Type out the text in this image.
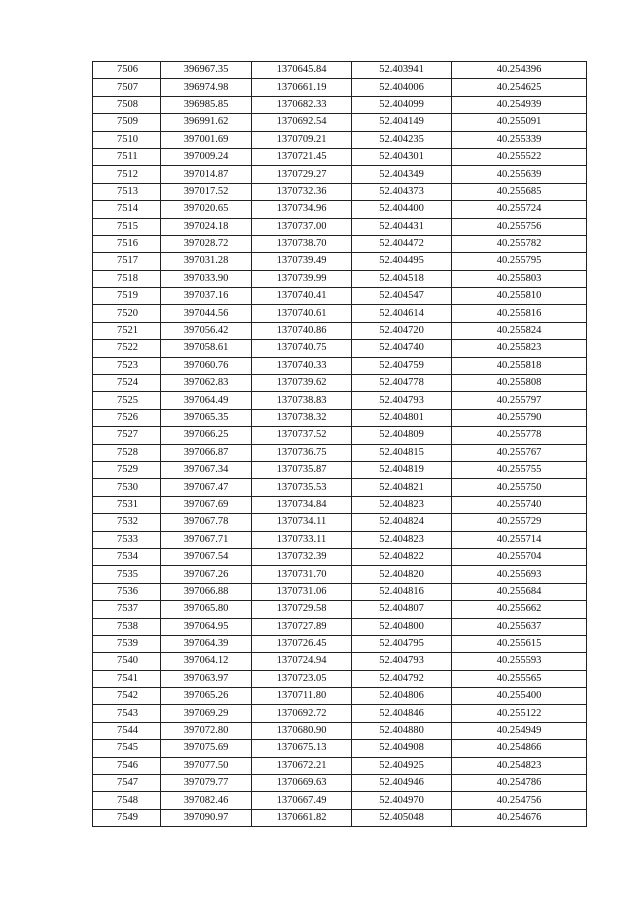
7506	396967.35	1370645.84	52.403941	40.254396
7507	396974.98	1370661.19	52.404006	40.254625
7508	396985.85	1370682.33	52.404099	40.254939
7509	396991.62	1370692.54	52.404149	40.255091
7510	397001.69	1370709.21	52.404235	40.255339
7511	397009.24	1370721.45	52.404301	40.255522
7512	397014.87	1370729.27	52.404349	40.255639
7513	397017.52	1370732.36	52.404373	40.255685
7514	397020.65	1370734.96	52.404400	40.255724
7515	397024.18	1370737.00	52.404431	40.255756
7516	397028.72	1370738.70	52.404472	40.255782
7517	397031.28	1370739.49	52.404495	40.255795
7518	397033.90	1370739.99	52.404518	40.255803
7519	397037.16	1370740.41	52.404547	40.255810
7520	397044.56	1370740.61	52.404614	40.255816
7521	397056.42	1370740.86	52.404720	40.255824
7522	397058.61	1370740.75	52.404740	40.255823
7523	397060.76	1370740.33	52.404759	40.255818
7524	397062.83	1370739.62	52.404778	40.255808
7525	397064.49	1370738.83	52.404793	40.255797
7526	397065.35	1370738.32	52.404801	40.255790
7527	397066.25	1370737.52	52.404809	40.255778
7528	397066.87	1370736.75	52.404815	40.255767
7529	397067.34	1370735.87	52.404819	40.255755
7530	397067.47	1370735.53	52.404821	40.255750
7531	397067.69	1370734.84	52.404823	40.255740
7532	397067.78	1370734.11	52.404824	40.255729
7533	397067.71	1370733.11	52.404823	40.255714
7534	397067.54	1370732.39	52.404822	40.255704
7535	397067.26	1370731.70	52.404820	40.255693
7536	397066.88	1370731.06	52.404816	40.255684
7537	397065.80	1370729.58	52.404807	40.255662
7538	397064.95	1370727.89	52.404800	40.255637
7539	397064.39	1370726.45	52.404795	40.255615
7540	397064.12	1370724.94	52.404793	40.255593
7541	397063.97	1370723.05	52.404792	40.255565
7542	397065.26	1370711.80	52.404806	40.255400
7543	397069.29	1370692.72	52.404846	40.255122
7544	397072.80	1370680.90	52.404880	40.254949
7545	397075.69	1370675.13	52.404908	40.254866
7546	397077.50	1370672.21	52.404925	40.254823
7547	397079.77	1370669.63	52.404946	40.254786
7548	397082.46	1370667.49	52.404970	40.254756
7549	397090.97	1370661.82	52.405048	40.254676
